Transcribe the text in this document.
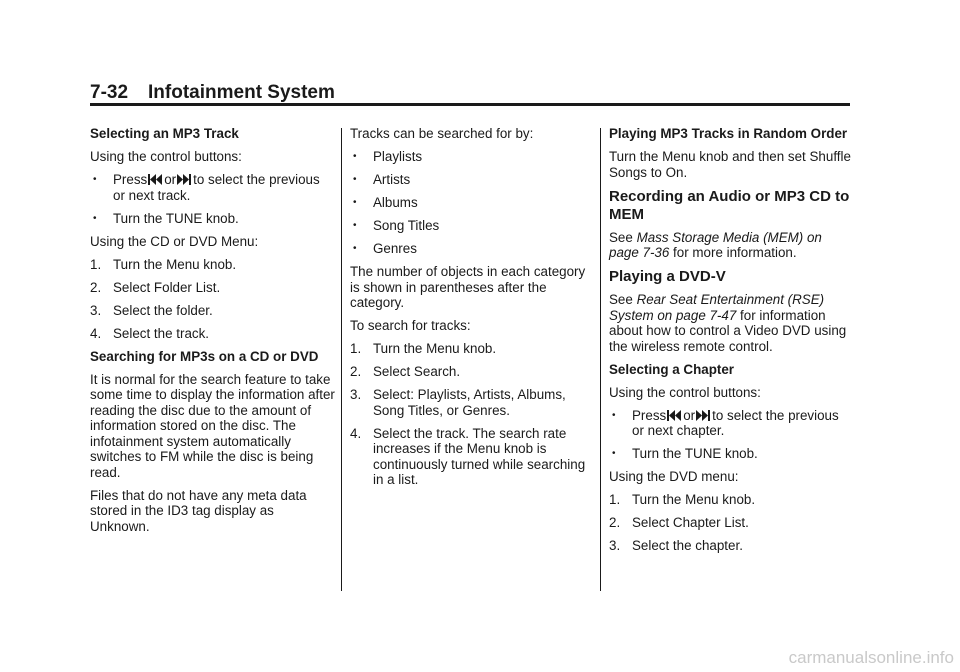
7-32 Infotainment System
Selecting an MP3 Track
Using the control buttons:
• Press or to select the previous or next track.
• Turn the TUNE knob.
Using the CD or DVD Menu:
1. Turn the Menu knob.
2. Select Folder List.
3. Select the folder.
4. Select the track.
Searching for MP3s on a CD or DVD
It is normal for the search feature to take some time to display the information after reading the disc due to the amount of information stored on the disc. The infotainment system automatically switches to FM while the disc is being read.
Files that do not have any meta data stored in the ID3 tag display as Unknown.
Tracks can be searched for by:
• Playlists
• Artists
• Albums
• Song Titles
• Genres
The number of objects in each category is shown in parentheses after the category.
To search for tracks:
1. Turn the Menu knob.
2. Select Search.
3. Select: Playlists, Artists, Albums, Song Titles, or Genres.
4. Select the track. The search rate increases if the Menu knob is continuously turned while searching in a list.
Playing MP3 Tracks in Random Order
Turn the Menu knob and then set Shuffle Songs to On.
Recording an Audio or MP3 CD to MEM
See Mass Storage Media (MEM) on page 7-36 for more information.
Playing a DVD-V
See Rear Seat Entertainment (RSE) System on page 7-47 for information about how to control a Video DVD using the wireless remote control.
Selecting a Chapter
Using the control buttons:
• Press or to select the previous or next chapter.
• Turn the TUNE knob.
Using the DVD menu:
1. Turn the Menu knob.
2. Select Chapter List.
3. Select the chapter.
carmanualsonline.info
